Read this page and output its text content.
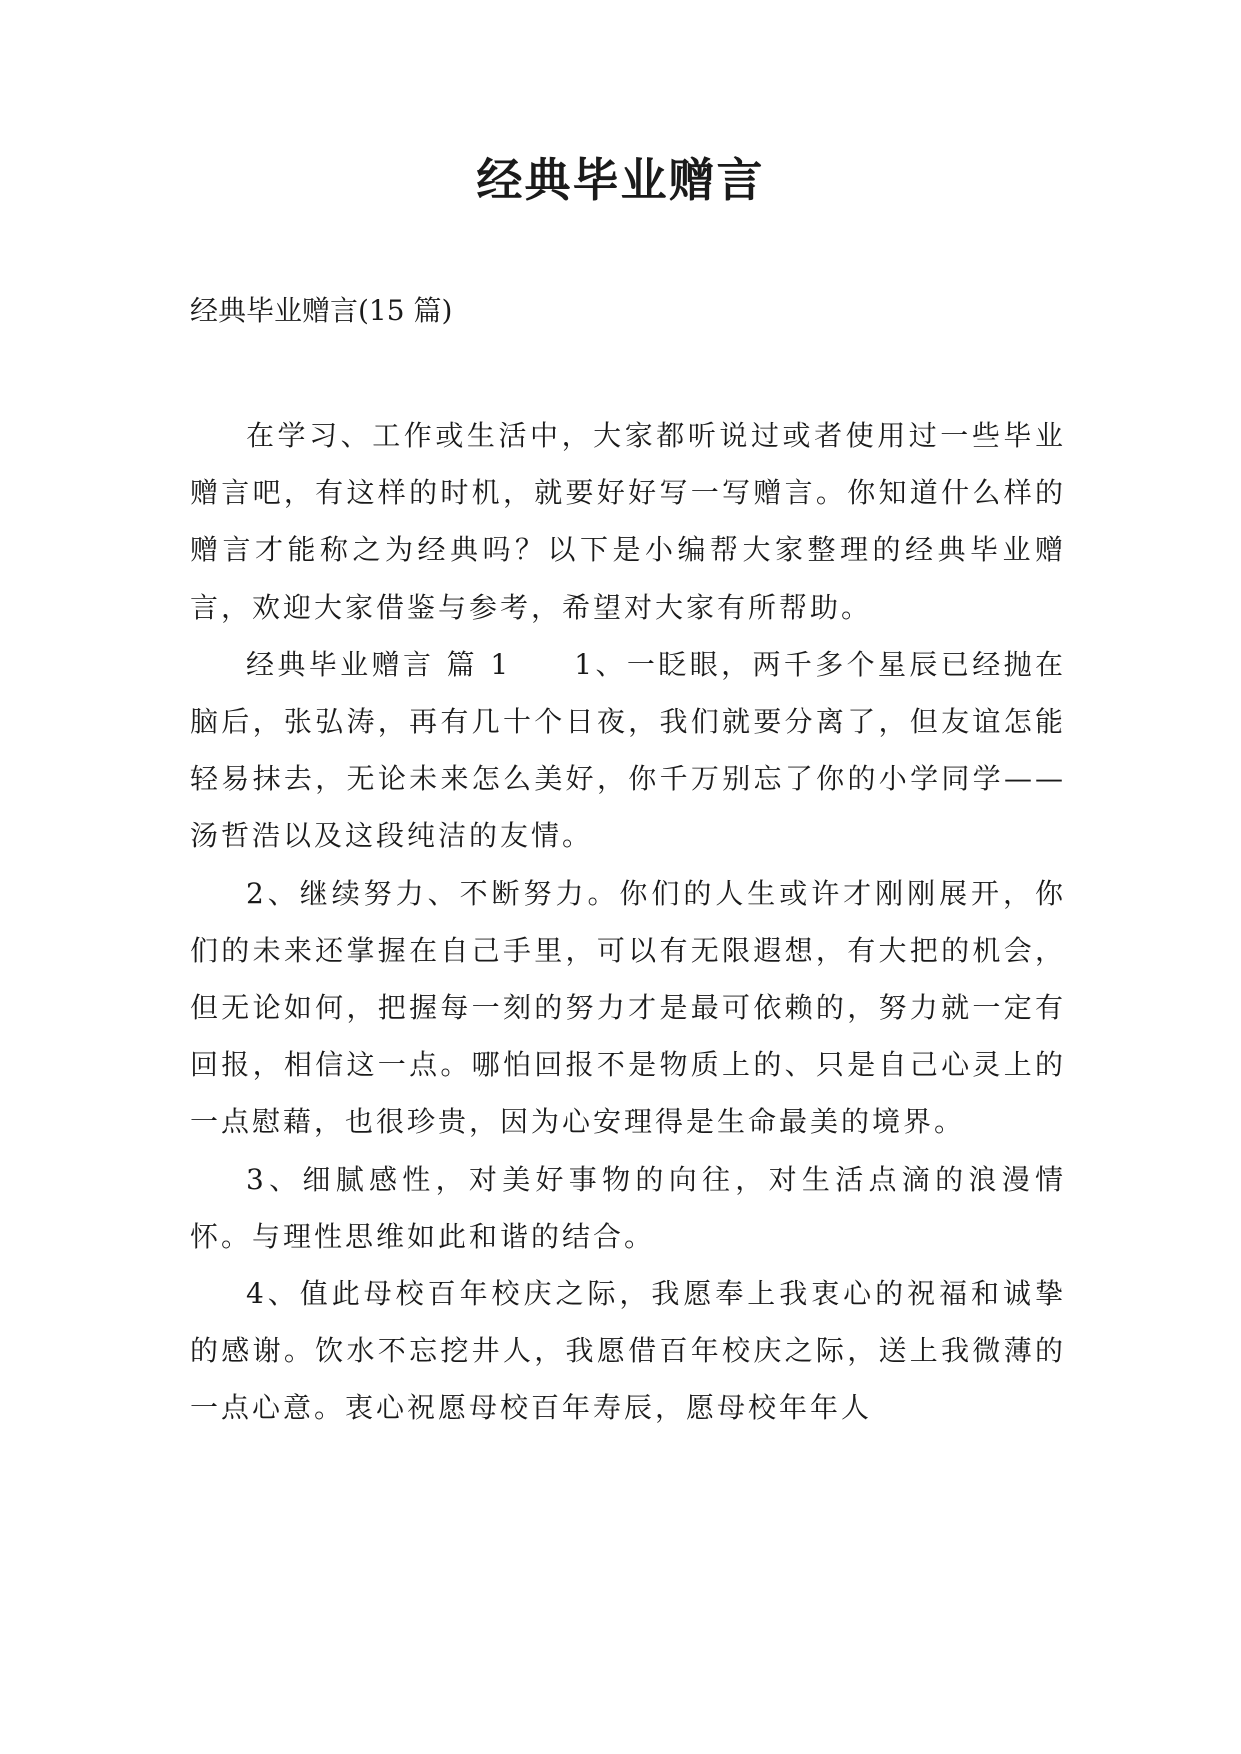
经典毕业赠言

经典毕业赠言(15 篇)

在学习、工作或生活中，大家都听说过或者使用过一些毕业赠言吧，有这样的时机，就要好好写一写赠言。你知道什么样的赠言才能称之为经典吗？以下是小编帮大家整理的经典毕业赠言，欢迎大家借鉴与参考，希望对大家有所帮助。

经典毕业赠言 篇 1　　1、一眨眼，两千多个星辰已经抛在脑后，张弘涛，再有几十个日夜，我们就要分离了，但友谊怎能轻易抹去，无论未来怎么美好，你千万别忘了你的小学同学——汤哲浩以及这段纯洁的友情。

2、继续努力、不断努力。你们的人生或许才刚刚展开，你们的未来还掌握在自己手里，可以有无限遐想，有大把的机会，但无论如何，把握每一刻的努力才是最可依赖的，努力就一定有回报，相信这一点。哪怕回报不是物质上的、只是自己心灵上的一点慰藉，也很珍贵，因为心安理得是生命最美的境界。

3、细腻感性，对美好事物的向往，对生活点滴的浪漫情怀。与理性思维如此和谐的结合。

4、值此母校百年校庆之际，我愿奉上我衷心的祝福和诚挚的感谢。饮水不忘挖井人，我愿借百年校庆之际，送上我微薄的一点心意。衷心祝愿母校百年寿辰，愿母校年年人
